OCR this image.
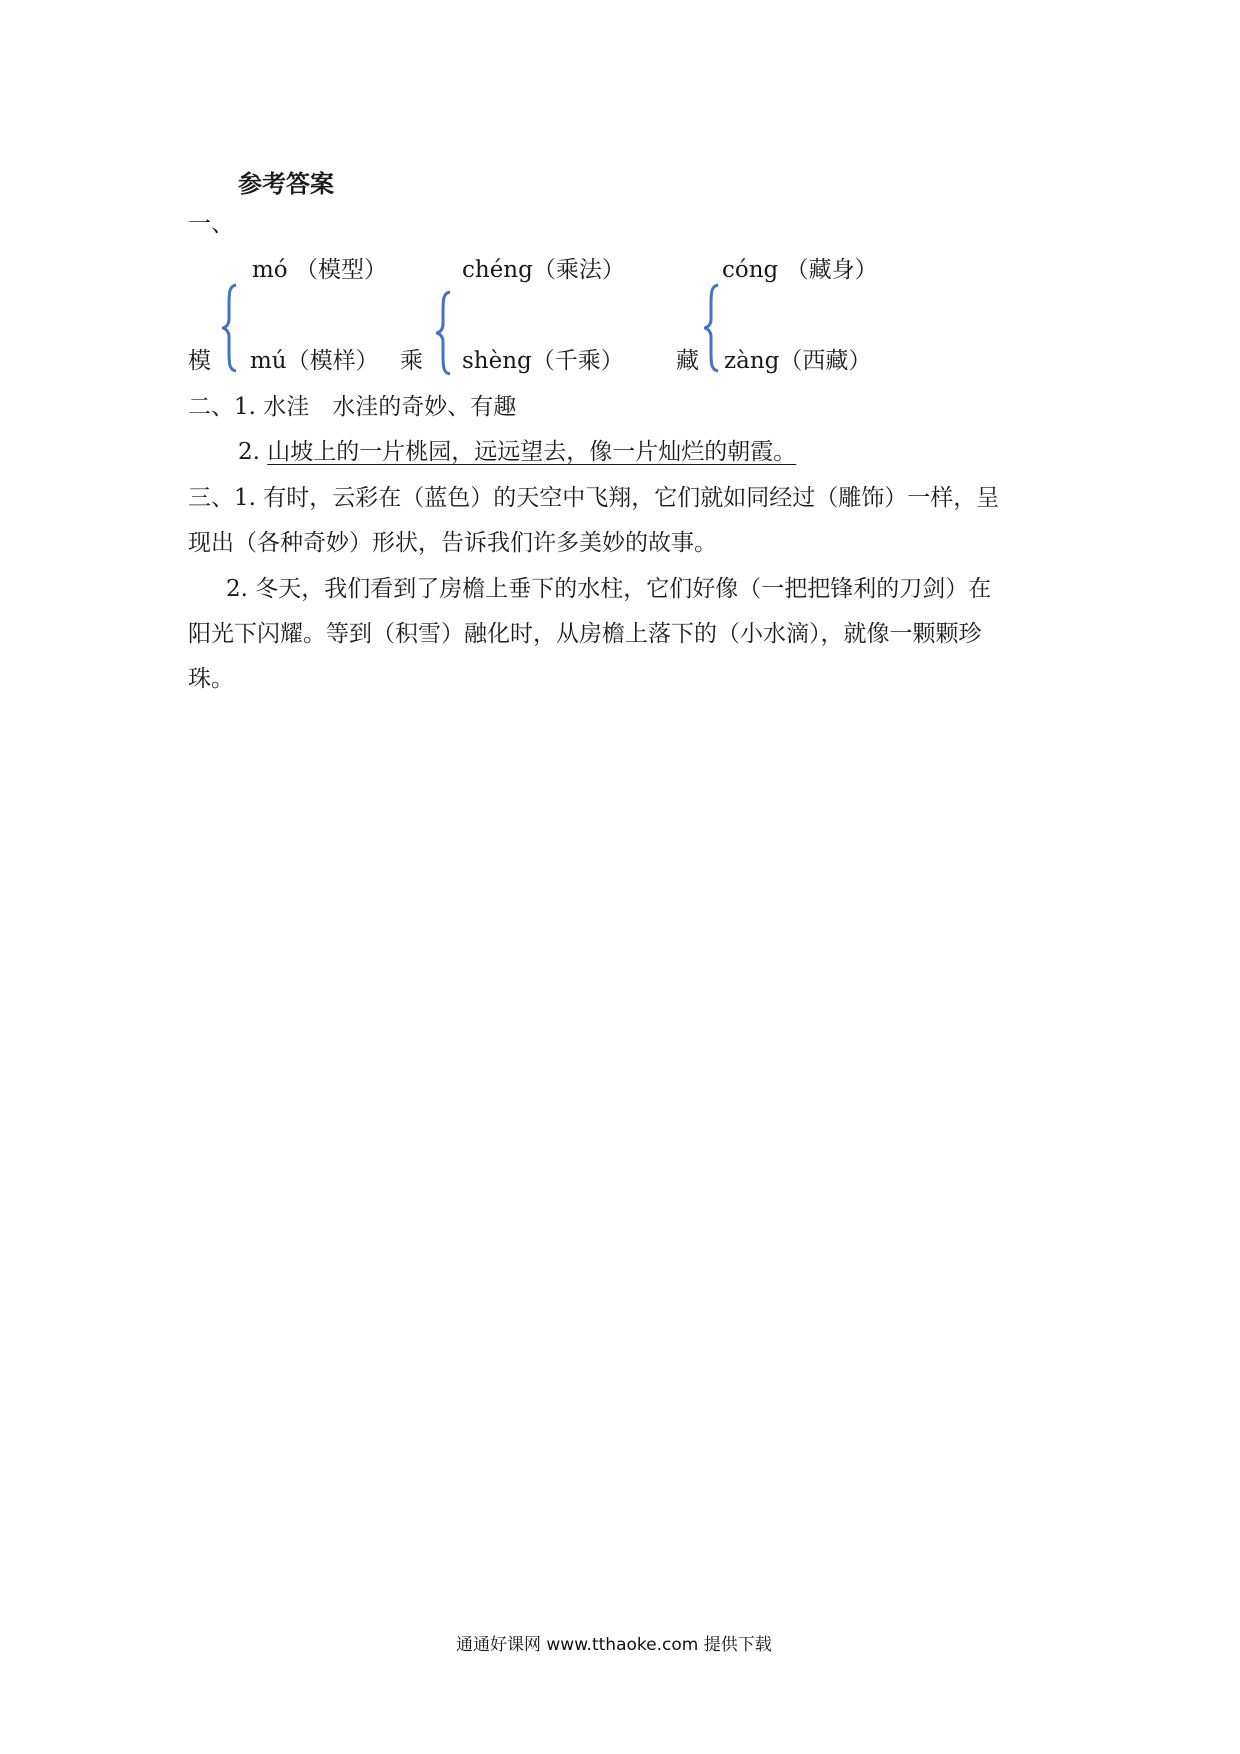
参考答案
一、
mó （模型）
模 mú（模样）
chéng（乘法）
乘 shèng（千乘）
cóng （藏身）
藏 zàng（西藏）
二、1. 水洼　水洼的奇妙、有趣
2. 山坡上的一片桃园，远远望去，像一片灿烂的朝霞。
三、1. 有时，云彩在（蓝色）的天空中飞翔，它们就如同经过（雕饰）一样，呈
现出（各种奇妙）形状，告诉我们许多美妙的故事。
2. 冬天，我们看到了房檐上垂下的水柱，它们好像（一把把锋利的刀剑）在
阳光下闪耀。等到（积雪）融化时，从房檐上落下的（小水滴），就像一颗颗珍
珠。
通通好课网 www.tthaoke.com 提供下载
